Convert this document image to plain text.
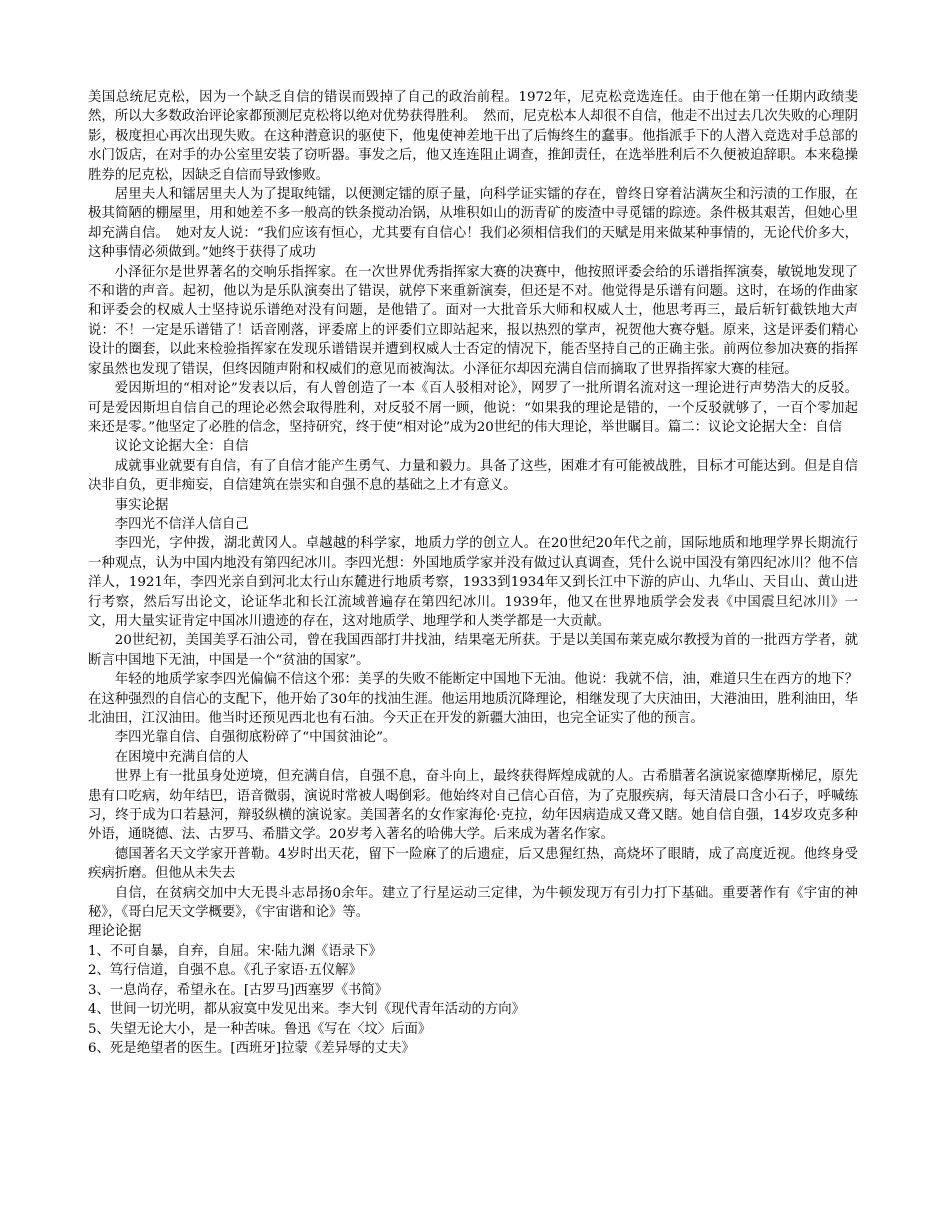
美国总统尼克松，因为一个缺乏自信的错误而毁掉了自己的政治前程。1972年，尼克松竞选连任。由于他在第一任期内政绩斐然，所以大多数政治评论家都预测尼克松将以绝对优势获得胜利。　然而，尼克松本人却很不自信，他走不出过去几次失败的心理阴影，极度担心再次出现失败。在这种潜意识的驱使下，他鬼使神差地干出了后悔终生的蠢事。他指派手下的人潜入竞选对手总部的水门饭店，在对手的办公室里安装了窃听器。事发之后，他又连连阻止调查，推卸责任，在选举胜利后不久便被迫辞职。本来稳操胜券的尼克松，因缺乏自信而导致惨败。

居里夫人和镭居里夫人为了提取纯镭，以便测定镭的原子量，向科学证实镭的存在，曾终日穿着沾满灰尘和污渍的工作服，在极其简陋的棚屋里，用和她差不多一般高的铁条搅动冶锅，从堆积如山的沥青矿的废渣中寻觅镭的踪迹。条件极其艰苦，但她心里却充满自信。　她对友人说：“我们应该有恒心，尤其要有自信心！我们必须相信我们的天赋是用来做某种事情的，无论代价多大，这种事情必须做到。”她终于获得了成功

小泽征尔是世界著名的交响乐指挥家。在一次世界优秀指挥家大赛的决赛中，他按照评委会给的乐谱指挥演奏，敏锐地发现了不和谐的声音。起初，他以为是乐队演奏出了错误，就停下来重新演奏，但还是不对。他觉得是乐谱有问题。这时，在场的作曲家和评委会的权威人士坚持说乐谱绝对没有问题，是他错了。面对一大批音乐大师和权威人士，他思考再三，最后斩钉截铁地大声说：不！一定是乐谱错了！话音刚落，评委席上的评委们立即站起来，报以热烈的掌声，祝贺他大赛夺魁。原来，这是评委们精心设计的圈套，以此来检验指挥家在发现乐谱错误并遭到权威人士否定的情况下，能否坚持自己的正确主张。前两位参加决赛的指挥家虽然也发现了错误，但终因随声附和权威们的意见而被淘汰。小泽征尔却因充满自信而摘取了世界指挥家大赛的桂冠。

爱因斯坦的“相对论”发表以后，有人曾创造了一本《百人驳相对论》，网罗了一批所谓名流对这一理论进行声势浩大的反驳。可是爱因斯坦自信自己的理论必然会取得胜利，对反驳不屑一顾，他说：“如果我的理论是错的，一个反驳就够了，一百个零加起来还是零。”他坚定了必胜的信念，坚持研究，终于使“相对论”成为20世纪的伟大理论，举世瞩目。篇二：议论文论据大全：自信

议论文论据大全：自信

成就事业就要有自信，有了自信才能产生勇气、力量和毅力。具备了这些，困难才有可能被战胜，目标才可能达到。但是自信决非自负，更非痴妄，自信建筑在崇实和自强不息的基础之上才有意义。

事实论据

李四光不信洋人信自己

李四光，字仲拨，湖北黄冈人。卓越越的科学家，地质力学的创立人。在20世纪20年代之前，国际地质和地理学界长期流行一种观点，认为中国内地没有第四纪冰川。李四光想：外国地质学家并没有做过认真调查，凭什么说中国没有第四纪冰川？他不信洋人，1921年，李四光亲自到河北太行山东麓进行地质考察，1933到1934年又到长江中下游的庐山、九华山、天目山、黄山进行考察，然后写出论文，论证华北和长江流域普遍存在第四纪冰川。1939年，他又在世界地质学会发表《中国震旦纪冰川》一文，用大量实证肯定中国冰川遗迹的存在，这对地质学、地理学和人类学都是一大贡献。

20世纪初，美国美孚石油公司，曾在我国西部打井找油，结果毫无所获。于是以美国布莱克威尔教授为首的一批西方学者，就断言中国地下无油，中国是一个“贫油的国家”。

年轻的地质学家李四光偏偏不信这个邪：美孚的失败不能断定中国地下无油。他说：我就不信，油，难道只生在西方的地下？在这种强烈的自信心的支配下，他开始了30年的找油生涯。他运用地质沉降理论，相继发现了大庆油田，大港油田，胜利油田，华北油田，江汉油田。他当时还预见西北也有石油。今天正在开发的新疆大油田，也完全证实了他的预言。

李四光靠自信、自强彻底粉碎了“中国贫油论”。

在困境中充满自信的人

世界上有一批虽身处逆境，但充满自信，自强不息，奋斗向上，最终获得辉煌成就的人。古希腊著名演说家德摩斯梯尼，原先患有口吃病，幼年结巴，语音微弱，演说时常被人喝倒彩。他始终对自己信心百倍，为了克服疾病，每天清晨口含小石子，呼喊练习，终于成为口若悬河，辩驳纵横的演说家。美国著名的女作家海伦·克拉，幼年因病造成又聋又瞎。她自信自强，14岁攻克多种外语，通晓德、法、古罗马、希腊文学。20岁考入著名的哈佛大学。后来成为著名作家。

德国著名天文学家开普勒。4岁时出天花，留下一险麻了的后遗症，后又患猩红热，高烧坏了眼睛，成了高度近视。他终身受疾病折磨。但他从未失去

自信，在贫病交加中大无畏斗志昂扬0余年。建立了行星运动三定律，为牛顿发现万有引力打下基础。重要著作有《宇宙的神秘》，《哥白尼天文学概要》，《宇宙谐和论》等。

理论论据

1、不可自暴，自弃，自屈。宋·陆九渊《语录下》

2、笃行信道，自强不息。《孔子家语·五仪解》

3、一息尚存，希望永在。[古罗马]西塞罗《书简》

4、世间一切光明，都从寂寞中发见出来。李大钊《现代青年活动的方向》

5、失望无论大小，是一种苦味。鲁迅《写在〈坟〉后面》

6、死是绝望者的医生。[西班牙]拉蒙《差异辱的丈夫》
